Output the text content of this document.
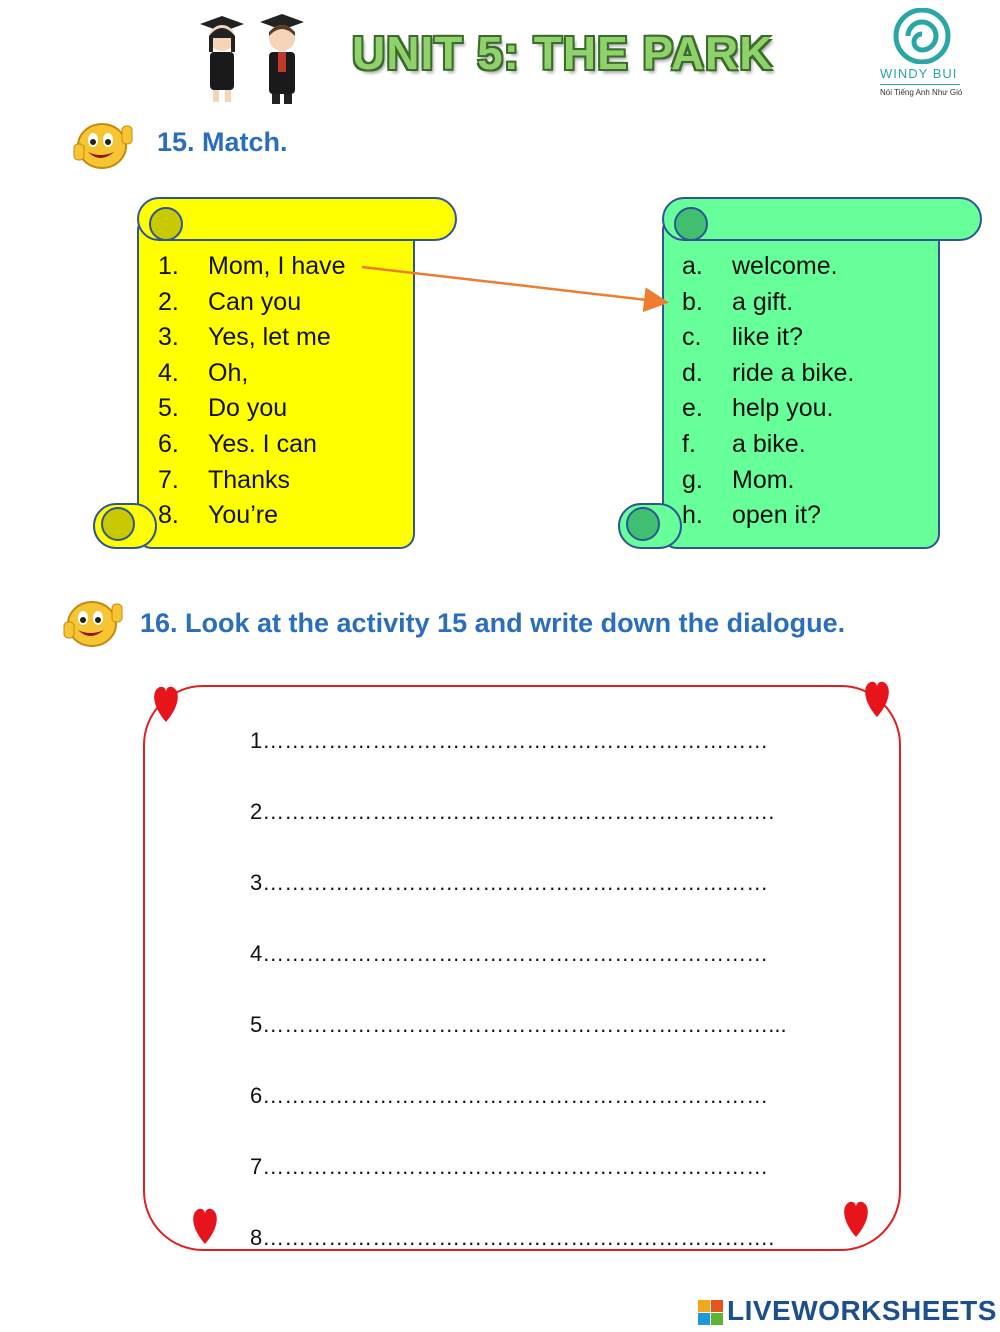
UNIT 5: THE PARK	WINDY BUI
Nói Tiếng Anh Như Gió
15. Match.
1.	Mom, I have
2.	Can you
3.	Yes, let me
4.	Oh,
5.	Do you
6.	Yes. I can
7.	Thanks
8.	You’re
a.	welcome.
b.	a gift.
c.	like it?
d.	ride a bike.
e.	help you.
f.	a bike.
g.	Mom.
h.	open it?
16. Look at the activity 15 and write down the dialogue.
1……………………………………………………………
2…………………………………………………………….
3……………………………………………………………
4……………………………………………………………
5……………………………………………………………...
6……………………………………………………………
7……………………………………………………………
8…………………………………………………………….
LIVEWORKSHEETS
